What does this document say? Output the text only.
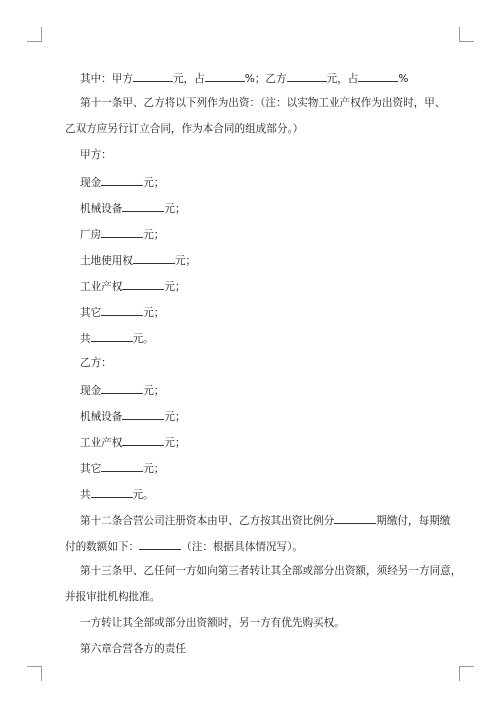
其中：甲方	元，占	%；乙方	元，占	%
第十一条甲、乙方将以下列作为出资：（注：以实物工业产权作为出资时，甲、
乙双方应另行订立合同，作为本合同的组成部分。）
甲方：
现金	元；
机械设备	元；
厂房	元；
土地使用权	元；
工业产权	元；
其它	元；
共	元。
乙方：
现金	元；
机械设备	元；
工业产权	元；
其它	元；
共	元。
第十二条合营公司注册资本由甲、乙方按其出资比例分	期缴付，每期缴
付的数额如下：	（注：根据具体情况写）。
第十三条甲、乙任何一方如向第三者转让其全部或部分出资额，须经另一方同意，
并报审批机构批准。
一方转让其全部或部分出资额时，另一方有优先购买权。
第六章合营各方的责任
